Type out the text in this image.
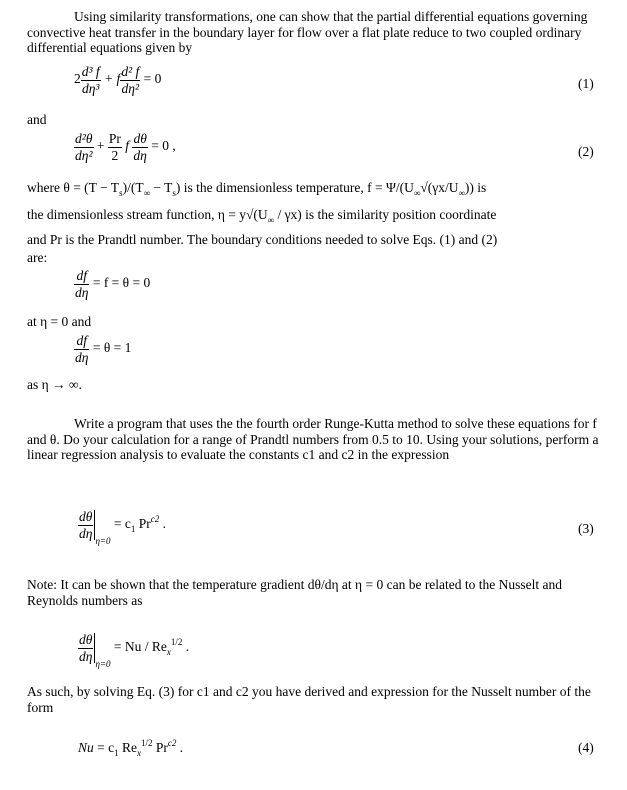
Using similarity transformations, one can show that the partial differential equations governing convective heat transfer in the boundary layer for flow over a flat plate reduce to two coupled ordinary differential equations given by
$2 \frac{\text{d³ f}}{\text{dη³}} + f \frac{\text{d² f}}{\text{dη²}} = 0$	(1)
and
$\frac{\text{d²θ}}{\text{dη²}} + \frac{Pr}{2}$ f $\frac{d\theta}{d\eta} = 0$ ,	(2)
where $\theta = (T - T_s)/(T_\infty - T_s)$ is the dimensionless temperature, $f = \Psi/(U_\infty√(\gamma x/U_\infty))$ is
the dimensionless stream function, $\eta = y√(U_\infty / \gamma x)$ is the similarity position coordinate
and Pr is the Prandtl number. The boundary conditions needed to solve Eqs. (1) and (2)
are:
$\frac{df}{d\eta} = f = \theta = 0$
at η = 0 and
$\frac{df}{d\eta} = \theta = 1$
as η → ∞.
Write a program that uses the the fourth order Runge-Kutta method to solve these equations for f and θ. Do your calculation for a range of Prandtl numbers from 0.5 to 10. Using your solutions, perform a linear regression analysis to evaluate the constants c1 and c2 in the expression
$\frac{d\theta}{d\eta}$
$_{\eta=0} = c_1$ $Pr^{c2}$ .	(3)
Note: It can be shown that the temperature gradient dθ/dη at η = 0 can be related to the Nusselt and Reynolds numbers as
$\frac{d\theta}{d\eta}$
$_{\eta=0} = Nu / Re_x^{1/2}$ .
As such, by solving Eq. (3) for c1 and c2 you have derived and expression for the Nusselt number of the form
$Nu = c_1$ $Re_x^{1/2}$ $Pr^{c2}$ .	(4)
